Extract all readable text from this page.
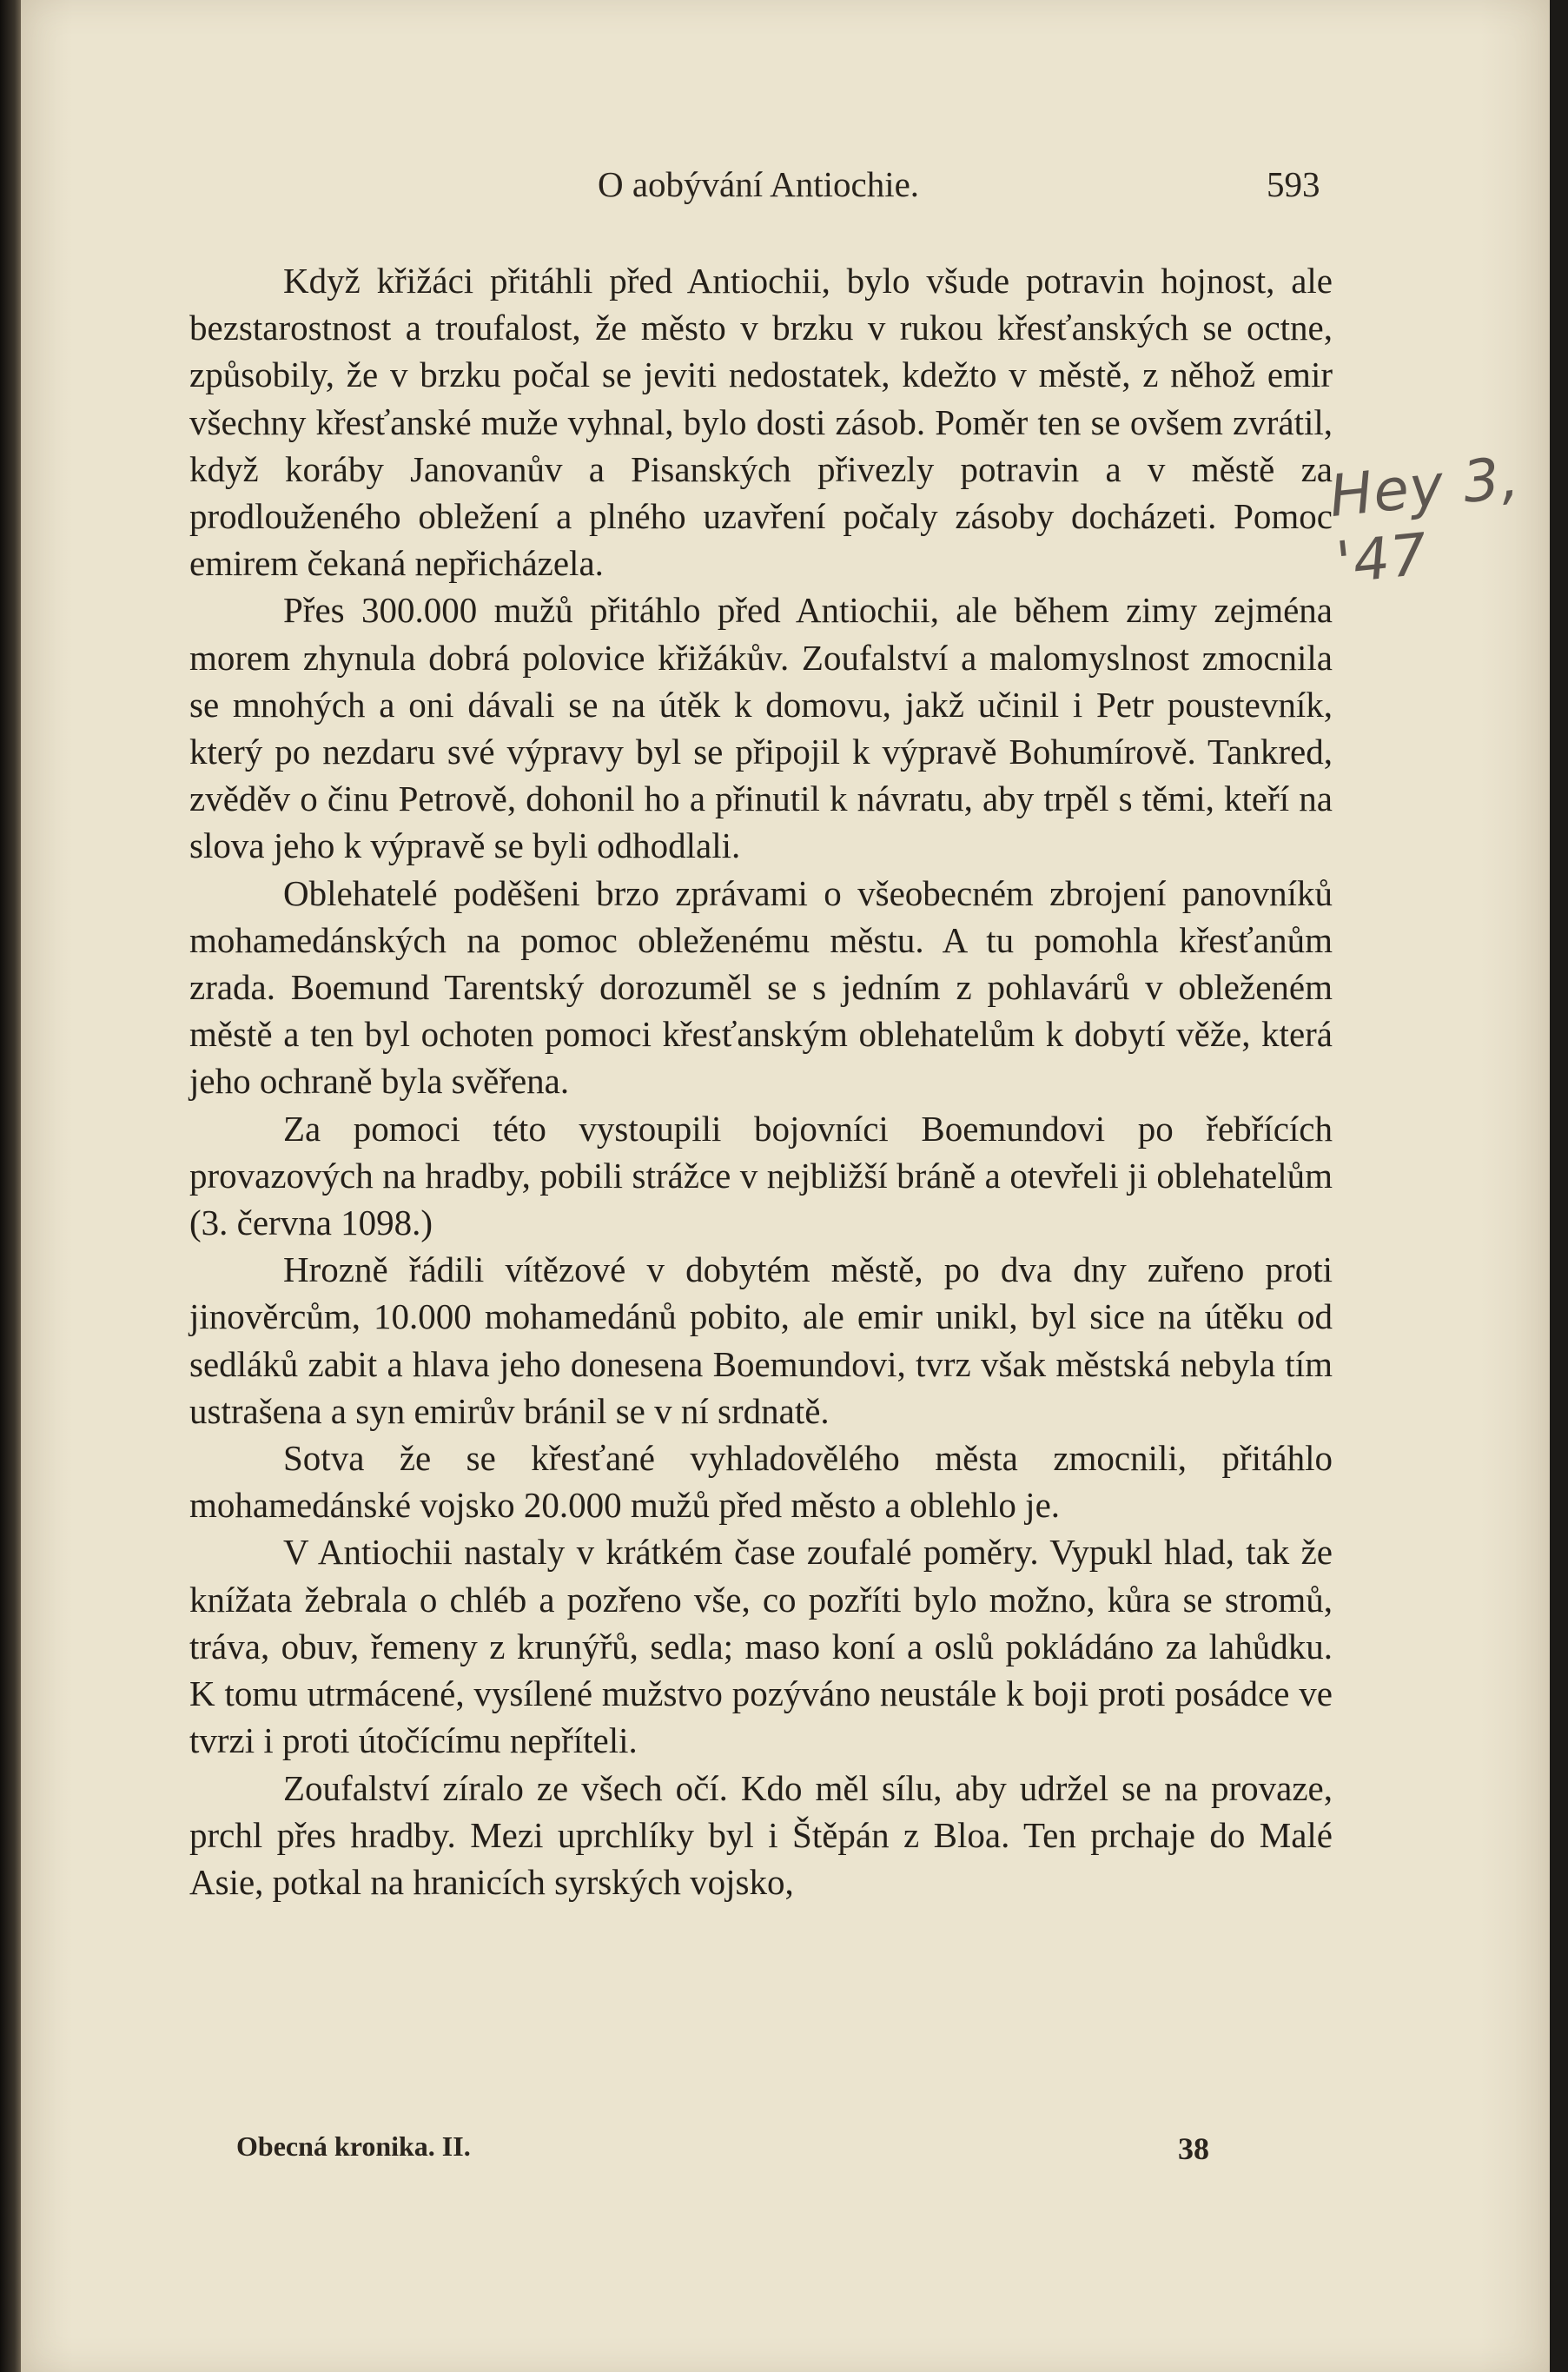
O aobývání Antiochie.	593

Když křižáci přitáhli před Antiochii, bylo všude potravin hojnost, ale bezstarostnost a troufalost, že město v brzku v rukou křesťanských se octne, způsobily, že v brzku počal se jeviti nedostatek, kdežto v městě, z něhož emir všechny křesťanské muže vyhnal, bylo dosti zásob. Poměr ten se ovšem zvrátil, když koráby Janovanův a Pisanských přivezly potravin a v městě za prodlouženého obležení a plného uzavření počaly zásoby docházeti. Pomoc emirem čekaná nepřicházela.

Přes 300.000 mužů přitáhlo před Antiochii, ale během zimy zejména morem zhynula dobrá polovice křižákův. Zoufalství a malomyslnost zmocnila se mnohých a oni dávali se na útěk k domovu, jakž učinil i Petr poustevník, který po nezdaru své výpravy byl se připojil k výpravě Bohumírově. Tankred, zvěděv o činu Petrově, dohonil ho a přinutil k návratu, aby trpěl s těmi, kteří na slova jeho k výpravě se byli odhodlali.

Oblehatelé poděšeni brzo zprávami o všeobecném zbrojení panovníků mohamedánských na pomoc obleženému městu. A tu pomohla křesťanům zrada. Boemund Tarentský dorozuměl se s jedním z pohlavárů v obleženém městě a ten byl ochoten pomoci křesťanským oblehatelům k dobytí věže, která jeho ochraně byla svěřena.

Za pomoci této vystoupili bojovníci Boemundovi po řebřících provazových na hradby, pobili strážce v nejbližší bráně a otevřeli ji oblehatelům (3. června 1098.)

Hrozně řádili vítězové v dobytém městě, po dva dny zuřeno proti jinověrcům, 10.000 mohamedánů pobito, ale emir unikl, byl sice na útěku od sedláků zabit a hlava jeho donesena Boemundovi, tvrz však městská nebyla tím ustrašena a syn emirův bránil se v ní srdnatě.

Sotva že se křesťané vyhladovělého města zmocnili, přitáhlo mohamedánské vojsko 20.000 mužů před město a oblehlo je.

V Antiochii nastaly v krátkém čase zoufalé poměry. Vypukl hlad, tak že knížata žebrala o chléb a pozřeno vše, co pozříti bylo možno, kůra se stromů, tráva, obuv, řemeny z krunýřů, sedla; maso koní a oslů pokládáno za lahůdku. K tomu utrmácené, vysílené mužstvo pozýváno neustále k boji proti posádce ve tvrzi i proti útočícímu nepříteli.

Zoufalství zíralo ze všech očí. Kdo měl sílu, aby udržel se na provaze, prchl přes hradby. Mezi uprchlíky byl i Štěpán z Bloa. Ten prchaje do Malé Asie, potkal na hranicích syrských vojsko,

Hey 3, '47
Obecná kronika. II.	38
